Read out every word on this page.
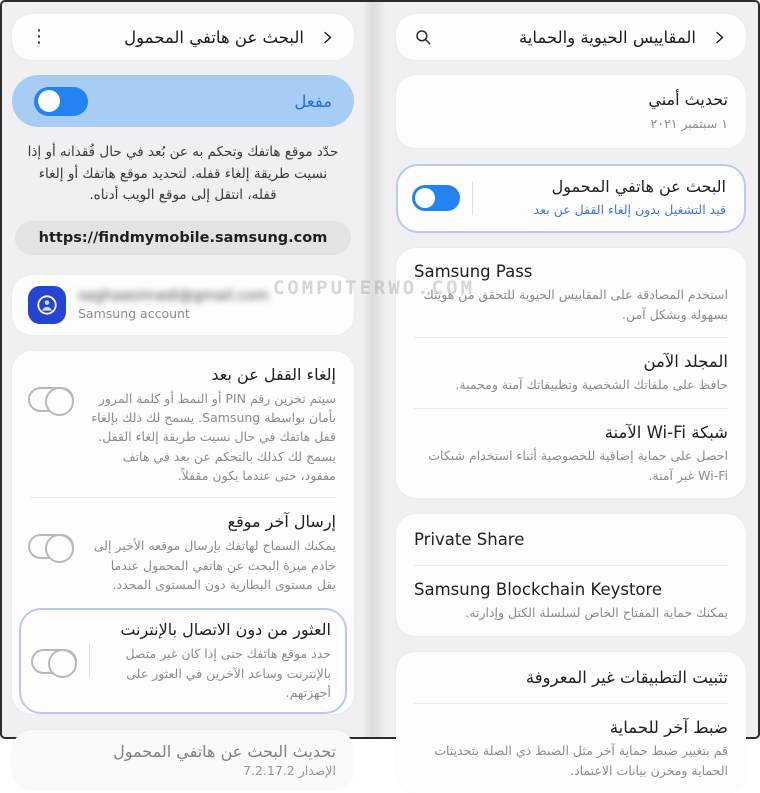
البحث عن هاتفي المحمول
⋮
مفعل
حدّد موقع هاتفك وتحكم به عن بُعد في حال فُقدانه أو إذا نسيت طريقة إلغاء قفله. لتحديد موقع هاتفك أو إلغاء قفله، انتقل إلى موقع الويب أدناه.
https://findmymobile.samsung.com
saghaasimadi@gmail.com
Samsung account
إلغاء القفل عن بعد
سيتم تخزين رقم PIN أو النمط أو كلمة المرور بأمان بواسطة Samsung. يسمح لك ذلك بإلغاء قفل هاتفك في حال نسيت طريقة إلغاء القفل. يسمح لك كذلك بالتحكم عن بعد في هاتف مفقود، حتى عندما يكون مقفلاً.
إرسال آخر موقع
يمكنك السماح لهاتفك بإرسال موقعه الأخير إلى خادم ميزة البحث عن هاتفي المحمول عندما يقل مستوى البطارية دون المستوى المحدد.
العثور من دون الاتصال بالإنترنت
حدد موقع هاتفك حتى إذا كان غير متصل بالإنترنت وساعد الآخرين في العثور على أجهزتهم.
تحديث البحث عن هاتفي المحمول
الإصدار 7.2.17.2
المقاييس الحيوية والحماية
تحديث أمني
١ سبتمبر ٢٠٢١
البحث عن هاتفي المحمول
قيد التشغيل بدون إلغاء القفل عن بعد
Samsung Pass
استخدم المصادقة على المقاييس الحيوية للتحقق من هويتك بسهولة وبشكل آمن.
المجلد الآمن
حافظ على ملفاتك الشخصية وتطبيقاتك آمنة ومحمية.
شبكة Wi-Fi الآمنة
احصل على حماية إضافية للخصوصية أثناء استخدام شبكات Wi-Fi غير آمنة.
Private Share
Samsung Blockchain Keystore
يمكنك حماية المفتاح الخاص لسلسلة الكتل وإدارته.
تثبيت التطبيقات غير المعروفة
ضبط آخر للحماية
قم بتغيير ضبط حماية آخر مثل الضبط ذي الصلة بتحديثات الحماية ومخزن بيانات الاعتماد.
COMPUTERWO.COM
